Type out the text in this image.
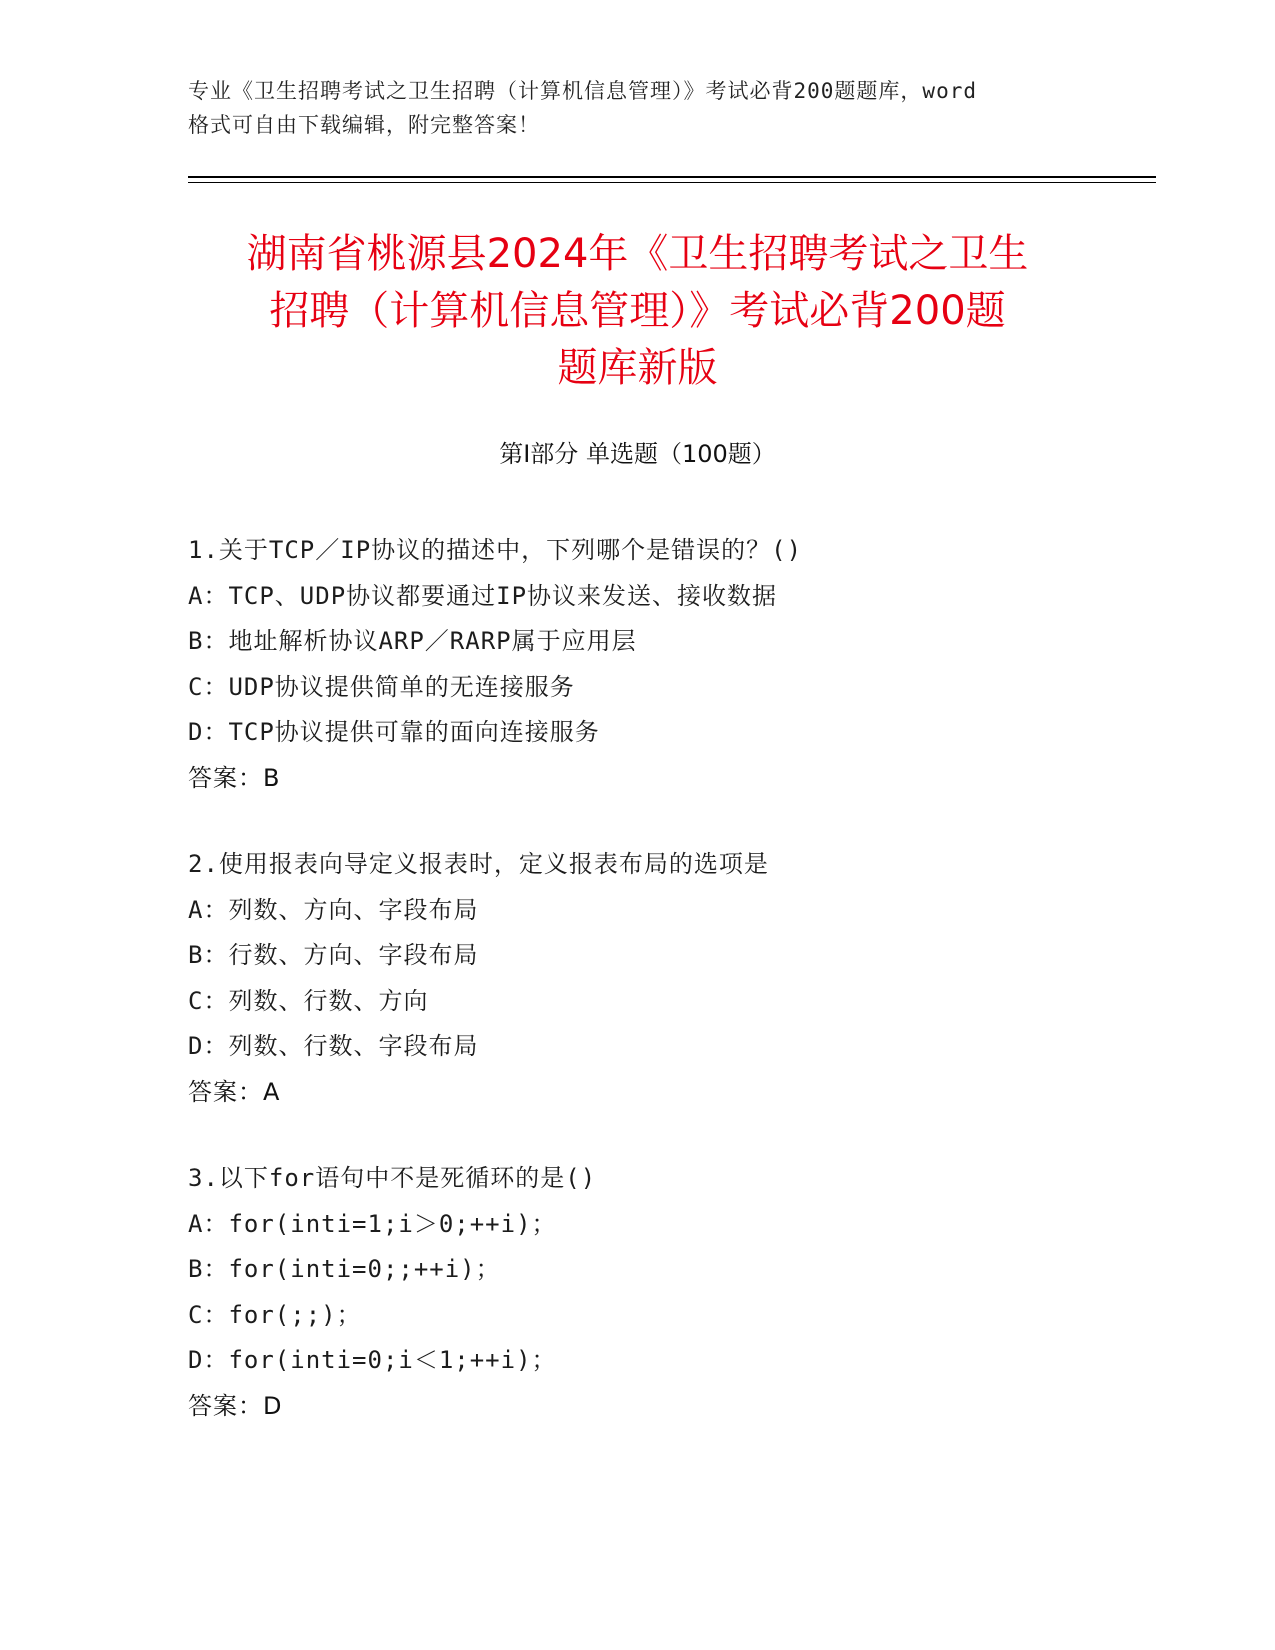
专业《卫生招聘考试之卫生招聘（计算机信息管理）》考试必背200题题库，word
格式可自由下载编辑，附完整答案！
湖南省桃源县2024年《卫生招聘考试之卫生
招聘（计算机信息管理）》考试必背200题
题库新版
第Ⅰ部分 单选题（100题）
1.关于TCP／IP协议的描述中，下列哪个是错误的？()
A：TCP、UDP协议都要通过IP协议来发送、接收数据
B：地址解析协议ARP／RARP属于应用层
C：UDP协议提供简单的无连接服务
D：TCP协议提供可靠的面向连接服务
答案：B
2.使用报表向导定义报表时，定义报表布局的选项是
A：列数、方向、字段布局
B：行数、方向、字段布局
C：列数、行数、方向
D：列数、行数、字段布局
答案：A
3.以下for语句中不是死循环的是()
A：for(inti=1;i＞0;++i)；
B：for(inti=0;;++i)；
C：for(;;)；
D：for(inti=0;i＜1;++i)；
答案：D
